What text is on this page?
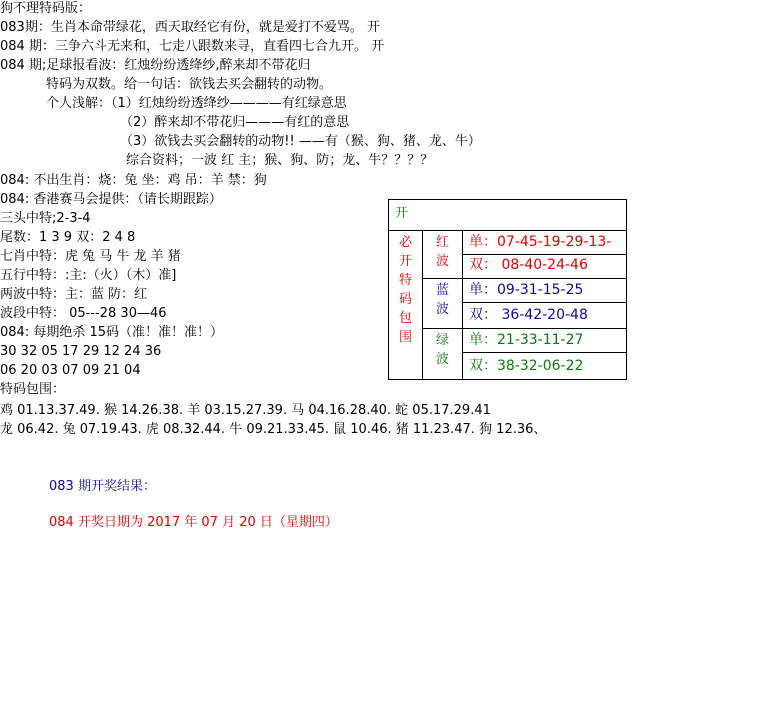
狗不理特码版：
083期：生肖本命带绿花，西天取经它有份，就是爱打不爱骂。 开
084 期：三争六斗无来和，七走八跟数来寻，直看四七合九开。 开
084 期;足球报看波：红烛纷纷透绛纱,醉来却不带花归
特码为双数。给一句话：欲钱去买会翻转的动物。
个人浅解：（1）红烛纷纷透绛纱————有红绿意思
（2）醉来却不带花归———有红的意思
（3）欲钱去买会翻转的动物!! ——有（猴、狗、猪、龙、牛）
综合资料；一波 红 主；猴、狗、防；龙、牛？？？？
084: 不出生肖：烧：兔 坐：鸡 吊：羊 禁：狗
084: 香港赛马会提供：（请长期跟踪）
三头中特;2-3-4
尾数：1 3 9 双：2 4 8
七肖中特：虎 兔 马 牛 龙 羊 猪
五行中特：:主:（火）（木）准]
两波中特：主：蓝 防：红
波段中特： 05---28 30—46
084: 每期绝杀 15码（准！准！准！）
30 32 05 17 29 12 24 36
06 20 03 07 09 21 04
特码包围：
鸡 01.13.37.49. 猴 14.26.38. 羊 03.15.27.39. 马 04.16.28.40. 蛇 05.17.29.41
龙 06.42. 兔 07.19.43. 虎 08.32.44. 牛 09.21.33.45. 鼠 10.46. 猪 11.23.47. 狗 12.36、
083 期开奖结果：
084 开奖日期为 2017 年 07 月 20 日（星期四）
开
必
开
特
码
包
围
红
波
单：07-45-19-29-13-
双： 08-40-24-46
蓝
波
单：09-31-15-25
双： 36-42-20-48
绿
波
单：21-33-11-27
双：38-32-06-22
